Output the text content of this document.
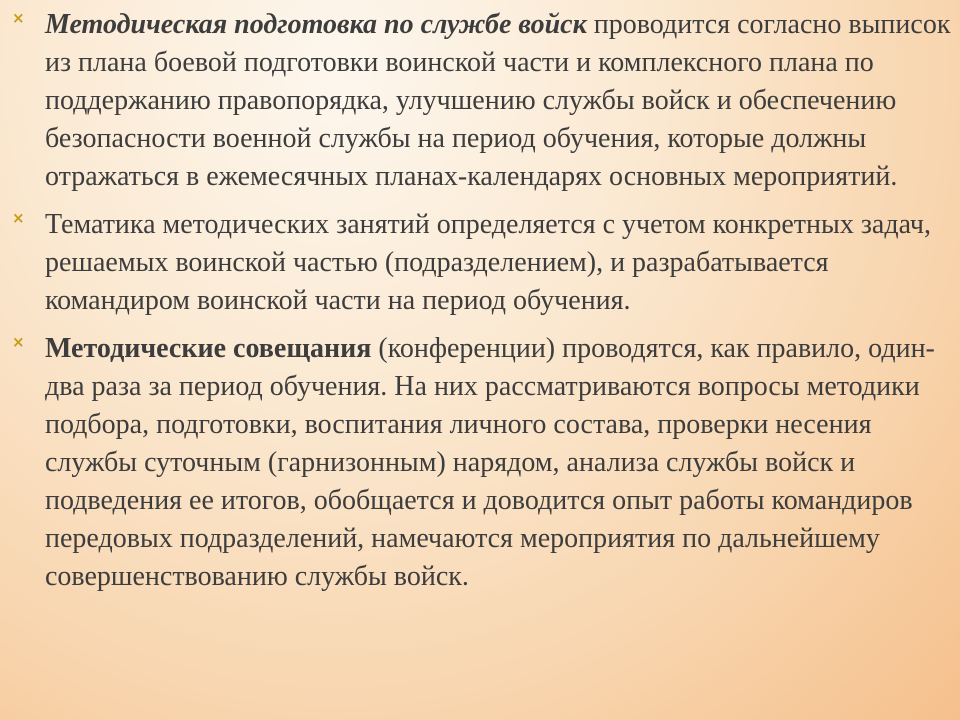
× Методическая подготовка по службе войск проводится согласно выписок из плана боевой подготовки воинской части и комплексного плана по поддержанию правопорядка, улучшению службы войск и обеспечению безопасности военной службы на период обучения, которые должны отражаться в ежемесячных планах-календарях основных мероприятий.
× Тематика методических занятий определяется с учетом конкретных задач, решаемых воинской частью (подразделением), и разрабатывается командиром воинской части на период обучения.
× Методические совещания (конференции) проводятся, как правило, один-два раза за период обучения. На них рассматриваются вопросы методики подбора, подготовки, воспитания личного состава, проверки несения службы суточным (гарнизонным) нарядом, анализа службы войск и подведения ее итогов, обобщается и доводится опыт работы командиров передовых подразделений, намечаются мероприятия по дальнейшему совершенствованию службы войск.
